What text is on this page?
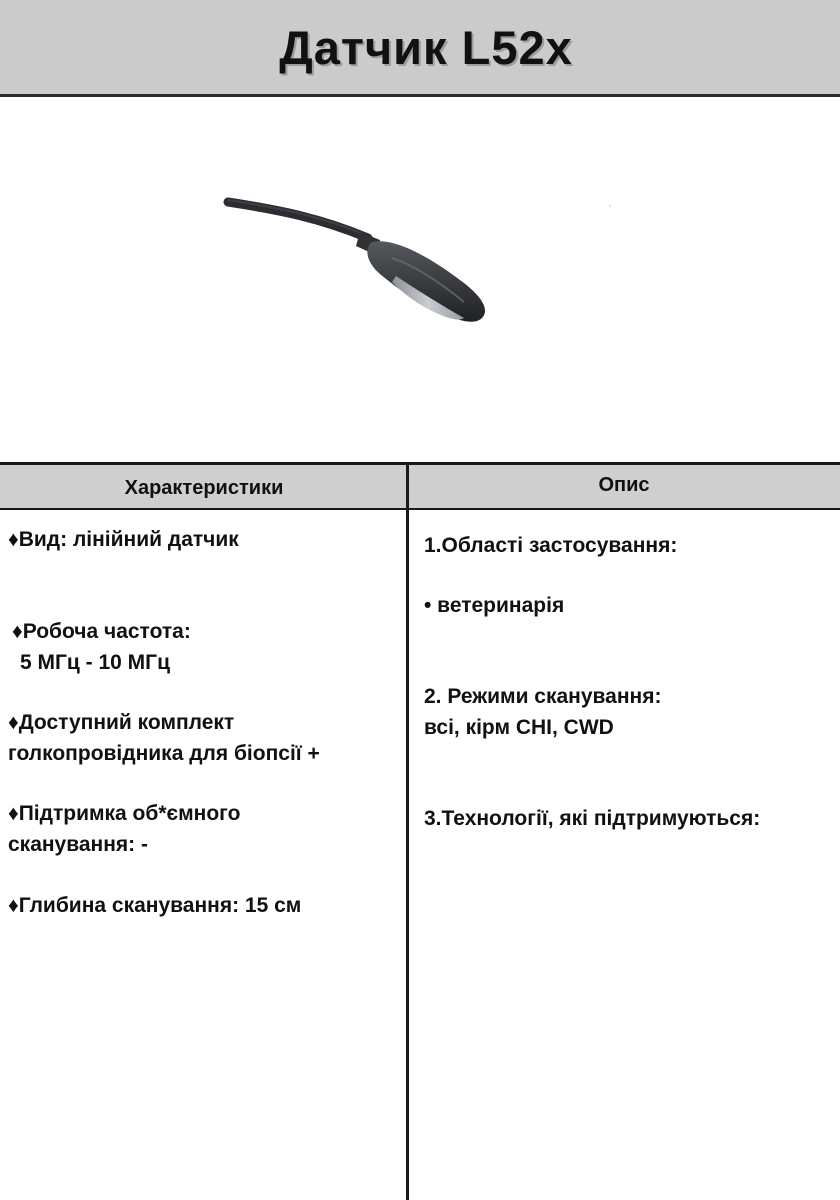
Датчик L52x
Характеристики	Опис
♦Вид: лінійний датчик
♦Робоча частота:
5 МГц - 10 МГц
♦Доступний комплект
голкопровідника для біопсії +
♦Підтримка об*ємного
сканування: -
♦Глибина сканування: 15 см
1.Області застосування:
• ветеринарія
2. Режими сканування:
всі, кірм CHI, CWD
3.Технології, які підтримуються:
